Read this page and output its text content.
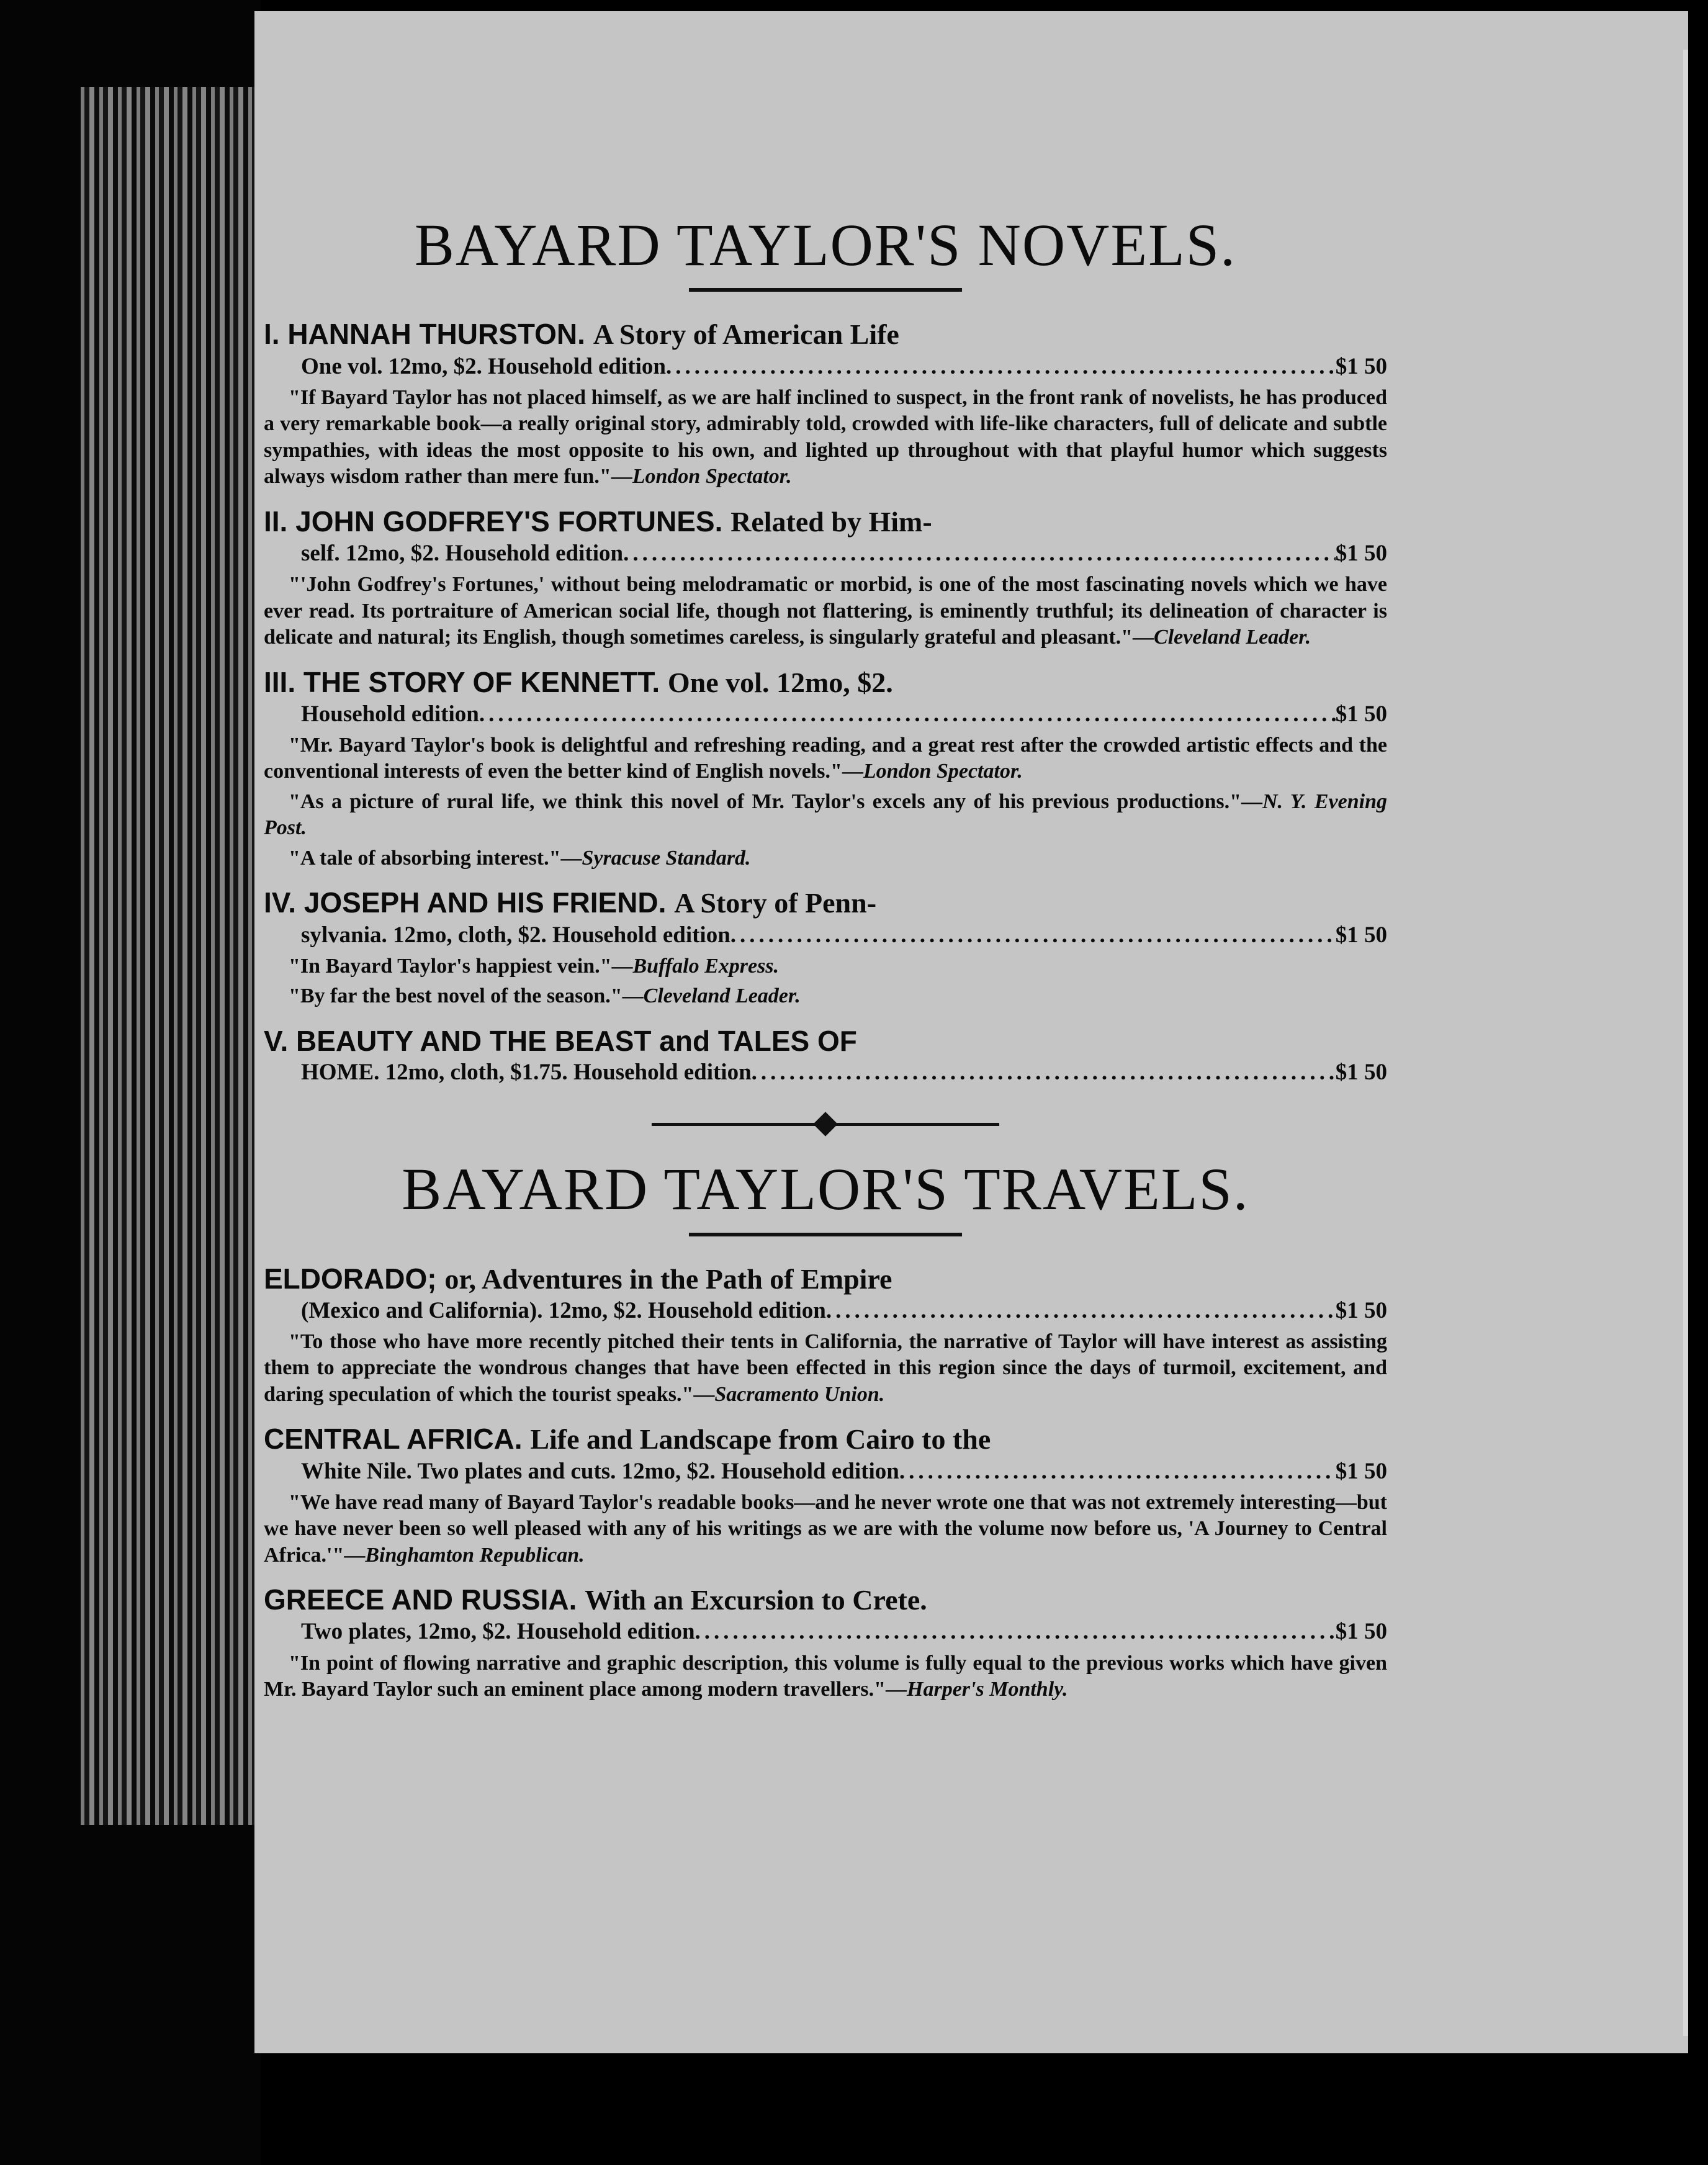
BAYARD TAYLOR'S NOVELS.
I. HANNAH THURSTON. A Story of American Life
One vol. 12mo, $2. Household edition .....	$1 50
"If Bayard Taylor has not placed himself, as we are half inclined to suspect, in the front rank of novelists, he has produced a very remarkable book—a really original story, admirably told, crowded with life-like characters, full of delicate and subtle sympathies, with ideas the most opposite to his own, and lighted up throughout with that playful humor which suggests always wisdom rather than mere fun."—London Spectator.
II. JOHN GODFREY'S FORTUNES. Related by Him-
self. 12mo, $2. Household edition .....	$1 50
"'John Godfrey's Fortunes,' without being melodramatic or morbid, is one of the most fascinating novels which we have ever read. Its portraiture of American social life, though not flattering, is eminently truthful; its delineation of character is delicate and natural; its English, though sometimes careless, is singularly grateful and pleasant."—Cleveland Leader.
III. THE STORY OF KENNETT. One vol. 12mo, $2.
Household edition .....	$1 50
"Mr. Bayard Taylor's book is delightful and refreshing reading, and a great rest after the crowded artistic effects and the conventional interests of even the better kind of English novels."—London Spectator.
"As a picture of rural life, we think this novel of Mr. Taylor's excels any of his previous productions."—N. Y. Evening Post.
"A tale of absorbing interest."—Syracuse Standard.
IV. JOSEPH AND HIS FRIEND. A Story of Penn-
sylvania. 12mo, cloth, $2. Household edition .....	$1 50
"In Bayard Taylor's happiest vein."—Buffalo Express.
"By far the best novel of the season."—Cleveland Leader.
V. BEAUTY AND THE BEAST and TALES OF
HOME. 12mo, cloth, $1.75. Household edition .....	$1 50
BAYARD TAYLOR'S TRAVELS.
ELDORADO; or, Adventures in the Path of Empire
(Mexico and California). 12mo, $2. Household edition .....	$1 50
"To those who have more recently pitched their tents in California, the narrative of Taylor will have interest as assisting them to appreciate the wondrous changes that have been effected in this region since the days of turmoil, excitement, and daring speculation of which the tourist speaks."—Sacramento Union.
CENTRAL AFRICA. Life and Landscape from Cairo to the
White Nile. Two plates and cuts. 12mo, $2. Household edition .....	$1 50
"We have read many of Bayard Taylor's readable books—and he never wrote one that was not extremely interesting—but we have never been so well pleased with any of his writings as we are with the volume now before us, 'A Journey to Central Africa.'"—Binghamton Republican.
GREECE AND RUSSIA. With an Excursion to Crete.
Two plates, 12mo, $2. Household edition .....	$1 50
"In point of flowing narrative and graphic description, this volume is fully equal to the previous works which have given Mr. Bayard Taylor such an eminent place among modern travellers."—Harper's Monthly.
